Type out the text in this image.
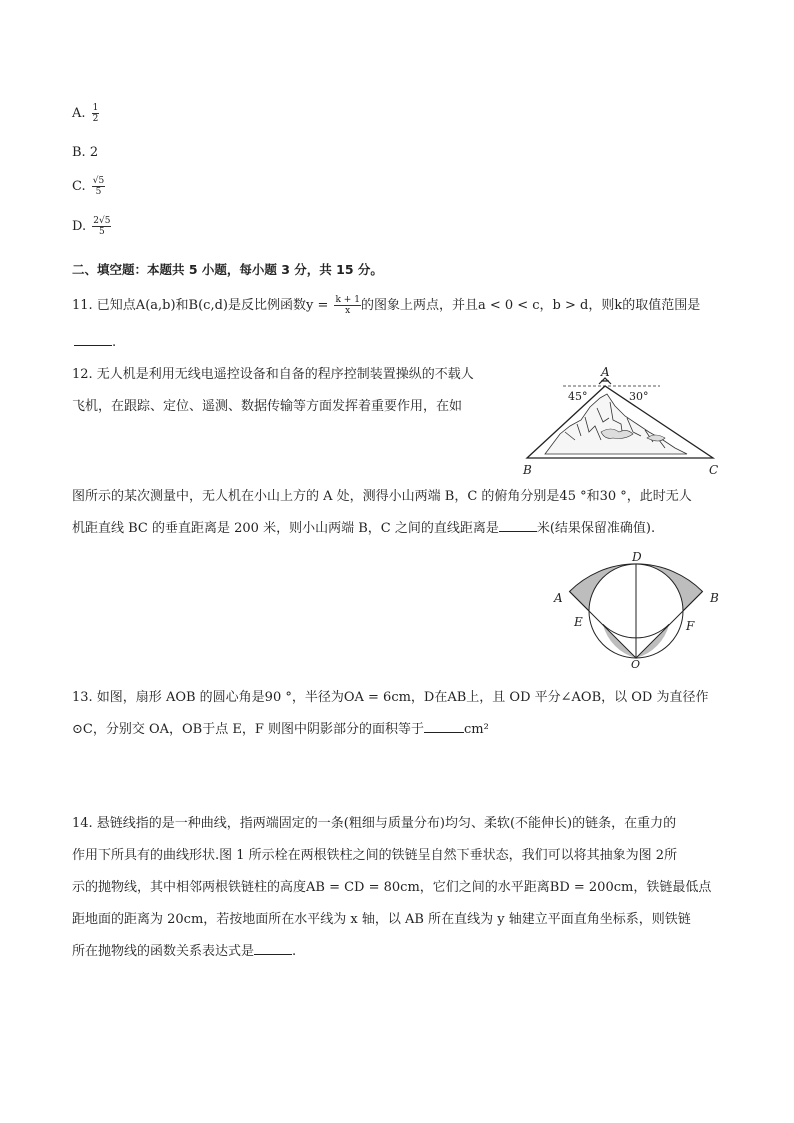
A. $\frac{1}{2}$
B. 2
C. $\frac{√5}{5}$
D. $\frac{2√5}{5}$
二、填空题：本题共 5 小题，每小题 3 分，共 15 分。
11. 已知点A(a,b)和B(c,d)是反比例函数$y = \frac{k + 1}{x}$ 的图象上两点，并且a < 0 < c，b > d，则k的取值范围是
.
12. 无人机是利用无线电遥控设备和自备的程序控制装置操纵的不载人
飞机，在跟踪、定位、遥测、数据传输等方面发挥着重要作用，在如
A
B	C
45°	30°
图所示的某次测量中，无人机在小山上方的 A 处，测得小山两端 B，C 的俯角分别是45 °和30 °，此时无人
机距直线 BC 的垂直距离是 200 米，则小山两端 B，C 之间的直线距离是	米(结果保留准确值).
A	B
D
E	F
O
13. 如图，扇形 AOB 的圆心角是90 °，半径为OA = 6cm，D在AB上，且 OD 平分∠AOB，以 OD 为直径作
⊙C，分别交 OA，OB于点 E，F 则图中阴影部分的面积等于	cm²
14. 悬链线指的是一种曲线，指两端固定的一条(粗细与质量分布)均匀、柔软(不能伸长)的链条，在重力的
作用下所具有的曲线形状.图 1 所示栓在两根铁柱之间的铁链呈自然下垂状态，我们可以将其抽象为图 2所
示的抛物线，其中相邻两根铁链柱的高度AB = CD = 80cm，它们之间的水平距离BD = 200cm，铁链最低点
距地面的距离为 20cm，若按地面所在水平线为 x 轴，以 AB 所在直线为 y 轴建立平面直角坐标系，则铁链
所在抛物线的函数关系表达式是	.
